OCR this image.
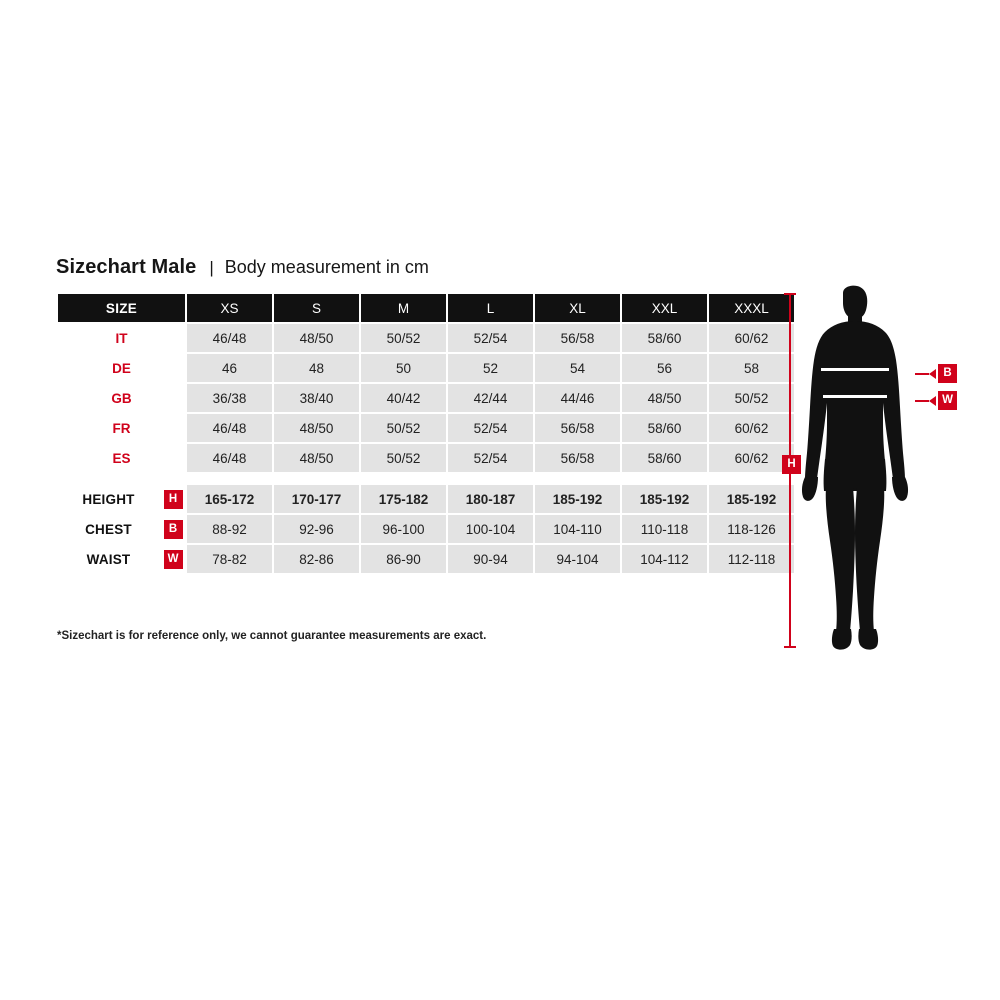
Sizechart Male | Body measurement in cm
SIZE		XS	S	M	L	XL	XXL	XXXL
IT		46/48	48/50	50/52	52/54	56/58	58/60	60/62
DE		46	48	50	52	54	56	58
GB		36/38	38/40	40/42	42/44	44/46	48/50	50/52
FR		46/48	48/50	50/52	52/54	56/58	58/60	60/62
ES		46/48	48/50	50/52	52/54	56/58	58/60	60/62

HEIGHT	H	165-172	170-177	175-182	180-187	185-192	185-192	185-192
CHEST	B	88-92	92-96	96-100	100-104	104-110	110-118	118-126
WAIST	W	78-82	82-86	86-90	90-94	94-104	104-112	112-118
*Sizechart is for reference only, we cannot guarantee measurements are exact.
H
B
W
